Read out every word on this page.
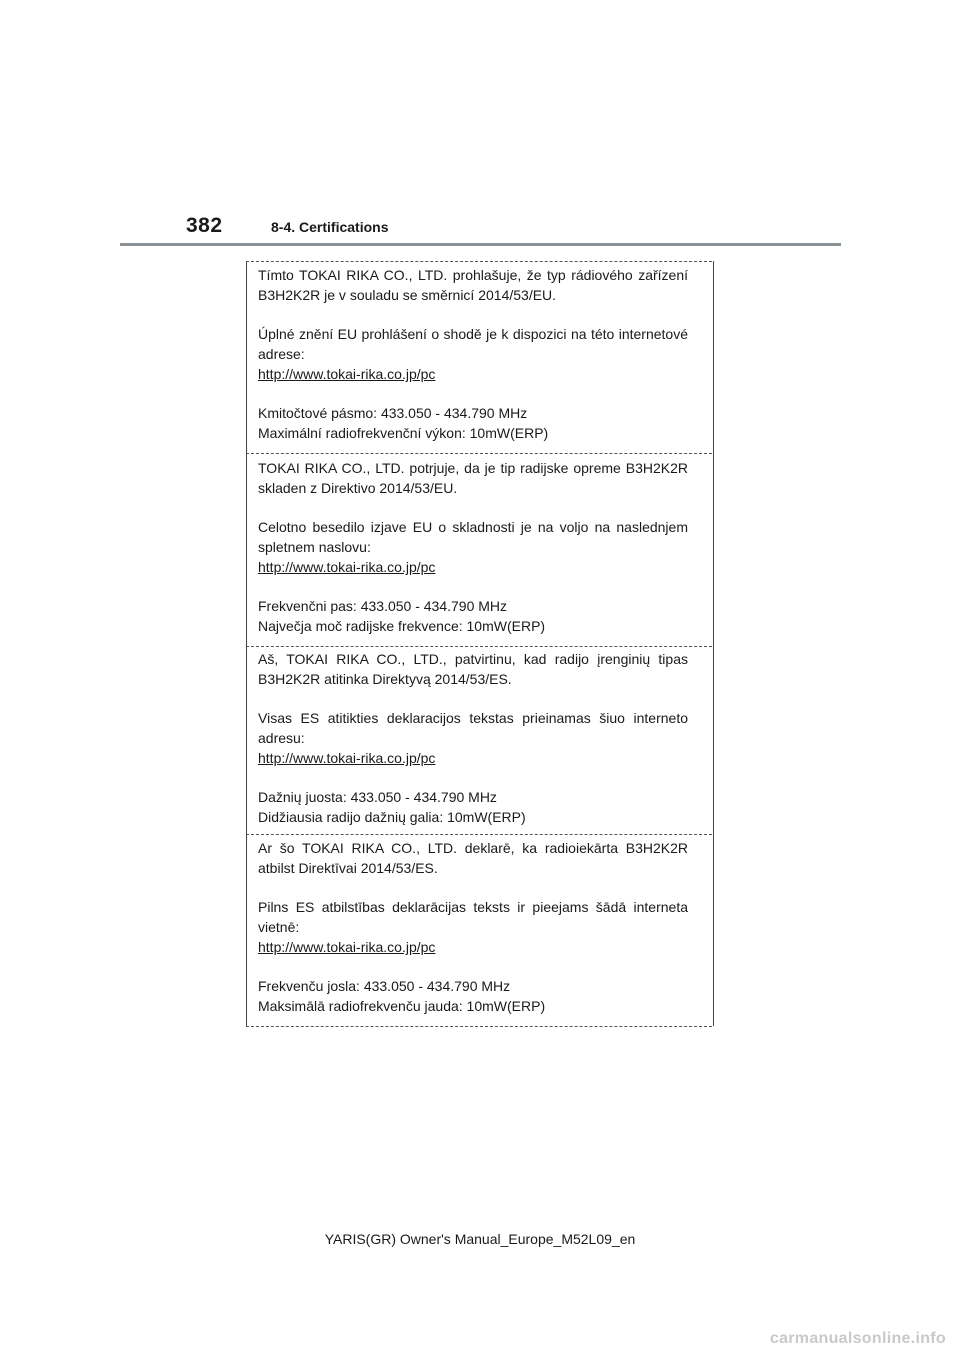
382	8-4. Certifications

Tímto TOKAI RIKA CO., LTD. prohlašuje, že typ rádiového zařízení B3H2K2R je v souladu se směrnicí 2014/53/EU.

Úplné znění EU prohlášení o shodě je k dispozici na této internetové adrese:

http://www.tokai-rika.co.jp/pc

Kmitočtové pásmo: 433.050 - 434.790 MHz

Maximální radiofrekvenční výkon: 10mW(ERP)

TOKAI RIKA CO., LTD. potrjuje, da je tip radijske opreme B3H2K2R skladen z Direktivo 2014/53/EU.

Celotno besedilo izjave EU o skladnosti je na voljo na naslednjem spletnem naslovu:

http://www.tokai-rika.co.jp/pc

Frekvenčni pas: 433.050 - 434.790 MHz

Največja moč radijske frekvence: 10mW(ERP)

Aš, TOKAI RIKA CO., LTD., patvirtinu, kad radijo įrenginių tipas B3H2K2R atitinka Direktyvą 2014/53/ES.

Visas ES atitikties deklaracijos tekstas prieinamas šiuo interneto adresu:

http://www.tokai-rika.co.jp/pc

Dažnių juosta: 433.050 - 434.790 MHz

Didžiausia radijo dažnių galia: 10mW(ERP)

Ar šo TOKAI RIKA CO., LTD. deklarē, ka radioiekārta B3H2K2R atbilst Direktīvai 2014/53/ES.

Pilns ES atbilstības deklarācijas teksts ir pieejams šādā interneta vietnē:

http://www.tokai-rika.co.jp/pc

Frekvenču josla: 433.050 - 434.790 MHz

Maksimālā radiofrekvenču jauda: 10mW(ERP)

YARIS(GR) Owner's Manual_Europe_M52L09_en
carmanualsonline.info
